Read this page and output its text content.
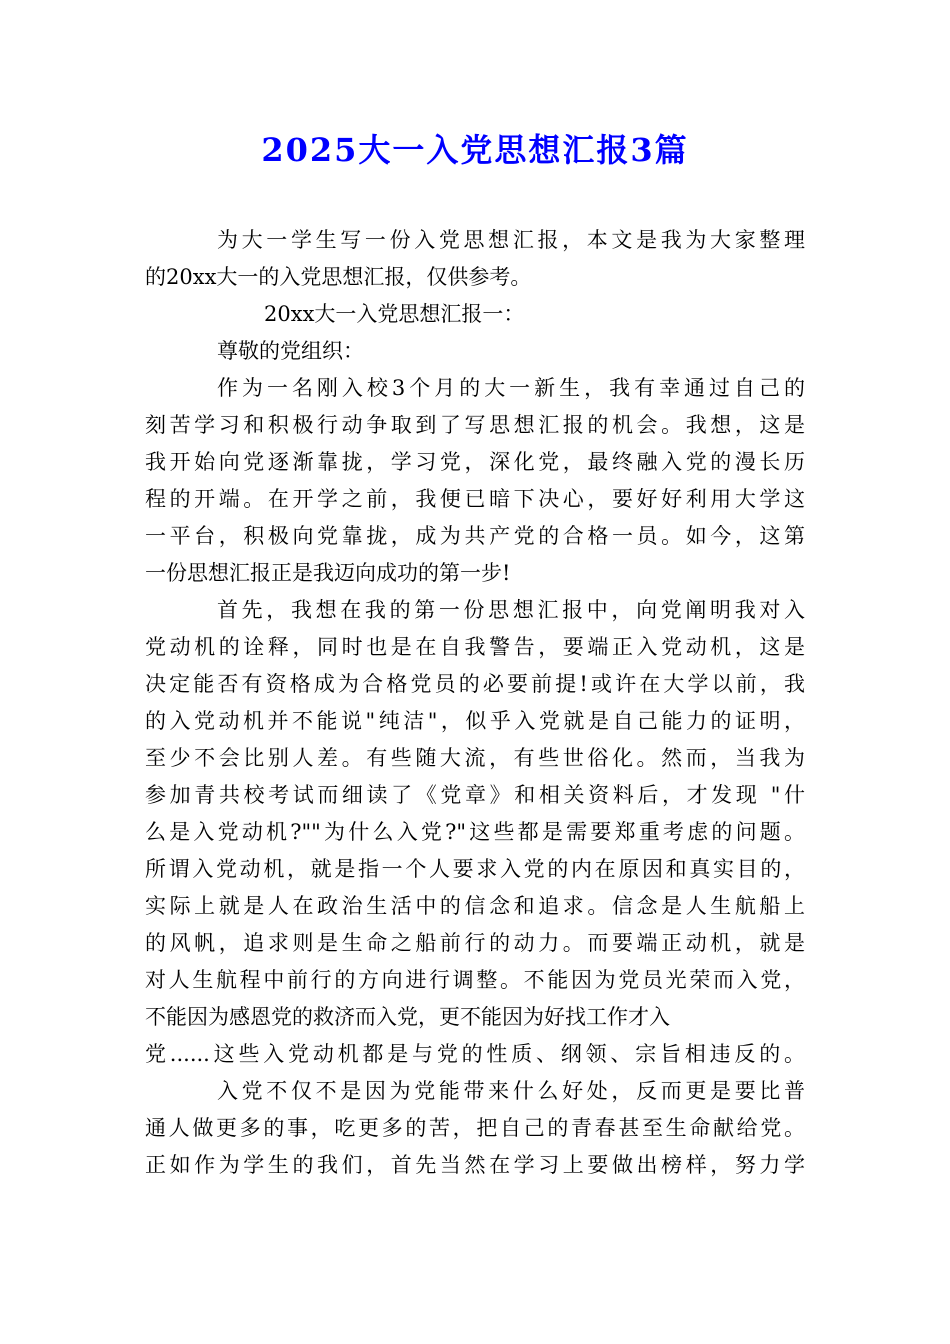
2025大一入党思想汇报3篇
为大一学生写一份入党思想汇报，本文是我为大家整理
的20xx大一的入党思想汇报，仅供参考。
20xx大一入党思想汇报一：
尊敬的党组织：
作为一名刚入校3个月的大一新生，我有幸通过自己的
刻苦学习和积极行动争取到了写思想汇报的机会。我想，这是
我开始向党逐渐靠拢，学习党，深化党，最终融入党的漫长历
程的开端。在开学之前，我便已暗下决心，要好好利用大学这
一平台，积极向党靠拢，成为共产党的合格一员。如今，这第
一份思想汇报正是我迈向成功的第一步!
首先，我想在我的第一份思想汇报中，向党阐明我对入
党动机的诠释，同时也是在自我警告，要端正入党动机，这是
决定能否有资格成为合格党员的必要前提!或许在大学以前，我
的入党动机并不能说"纯洁"，似乎入党就是自己能力的证明，
至少不会比别人差。有些随大流，有些世俗化。然而，当我为
参加青共校考试而细读了《党章》和相关资料后，才发现 "什
么是入党动机?""为什么入党?"这些都是需要郑重考虑的问题。
所谓入党动机，就是指一个人要求入党的内在原因和真实目的，
实际上就是人在政治生活中的信念和追求。信念是人生航船上
的风帆，追求则是生命之船前行的动力。而要端正动机，就是
对人生航程中前行的方向进行调整。不能因为党员光荣而入党，
不能因为感恩党的救济而入党，更不能因为好找工作才入
党......这些入党动机都是与党的性质、纲领、宗旨相违反的。
入党不仅不是因为党能带来什么好处，反而更是要比普
通人做更多的事，吃更多的苦，把自己的青春甚至生命献给党。
正如作为学生的我们，首先当然在学习上要做出榜样，努力学
